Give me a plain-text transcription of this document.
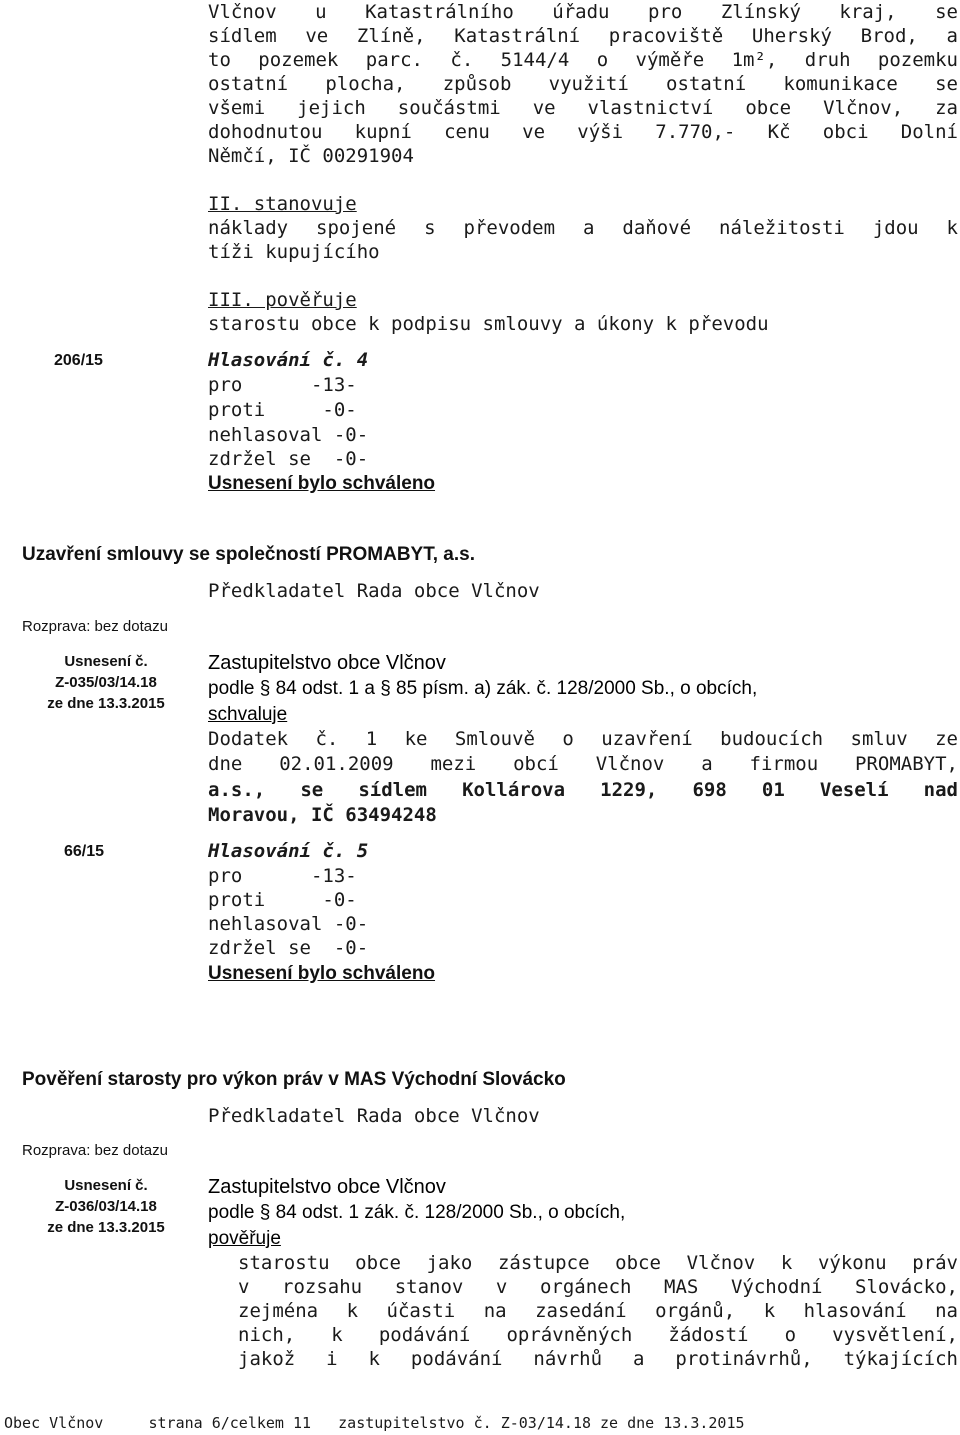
Vlčnov u Katastrálního úřadu pro Zlínský kraj, se
sídlem ve Zlíně, Katastrální pracoviště Uherský Brod, a
to pozemek parc. č. 5144/4 o výměře 1m², druh pozemku
ostatní plocha, způsob využití ostatní komunikace se
všemi jejich součástmi ve vlastnictví obce Vlčnov, za
dohodnutou kupní cenu ve výši 7.770,- Kč obci Dolní
Němčí, IČ 00291904
II. stanovuje
náklady spojené s převodem a daňové náležitosti jdou k
tíži kupujícího
III. pověřuje
starostu obce k podpisu smlouvy a úkony k převodu
206/15	Hlasování č. 4
pro      -13-
proti     -0-
nehlasoval -0-
zdržel se  -0-
Usnesení bylo schváleno
Uzavření smlouvy se společností PROMABYT, a.s.
Předkladatel Rada obce Vlčnov
Rozprava: bez dotazu
Usnesení č.
Z-035/03/14.18
ze dne 13.3.2015
Zastupitelstvo obce Vlčnov
podle § 84 odst. 1 a § 85 písm. a) zák. č. 128/2000 Sb., o obcích,
schvaluje
Dodatek č. 1 ke Smlouvě o uzavření budoucích smluv ze
dne 02.01.2009 mezi obcí Vlčnov a firmou PROMABYT,
a.s., se sídlem Kollárova 1229, 698 01 Veselí nad
Moravou, IČ 63494248
66/15	Hlasování č. 5
pro      -13-
proti     -0-
nehlasoval -0-
zdržel se  -0-
Usnesení bylo schváleno
Pověření starosty pro výkon práv v MAS Východní Slovácko
Předkladatel Rada obce Vlčnov
Rozprava: bez dotazu
Usnesení č.
Z-036/03/14.18
ze dne 13.3.2015
Zastupitelstvo obce Vlčnov
podle § 84 odst. 1 zák. č. 128/2000 Sb., o obcích,
pověřuje
starostu obce jako zástupce obce Vlčnov k výkonu práv
v rozsahu stanov v orgánech MAS Východní Slovácko,
zejména k účasti na zasedání orgánů, k hlasování na
nich, k podávání oprávněných žádostí o vysvětlení,
jakož i k podávání návrhů a protinávrhů, týkajících
Obec Vlčnov     strana 6/celkem 11   zastupitelstvo č. Z-03/14.18 ze dne 13.3.2015
